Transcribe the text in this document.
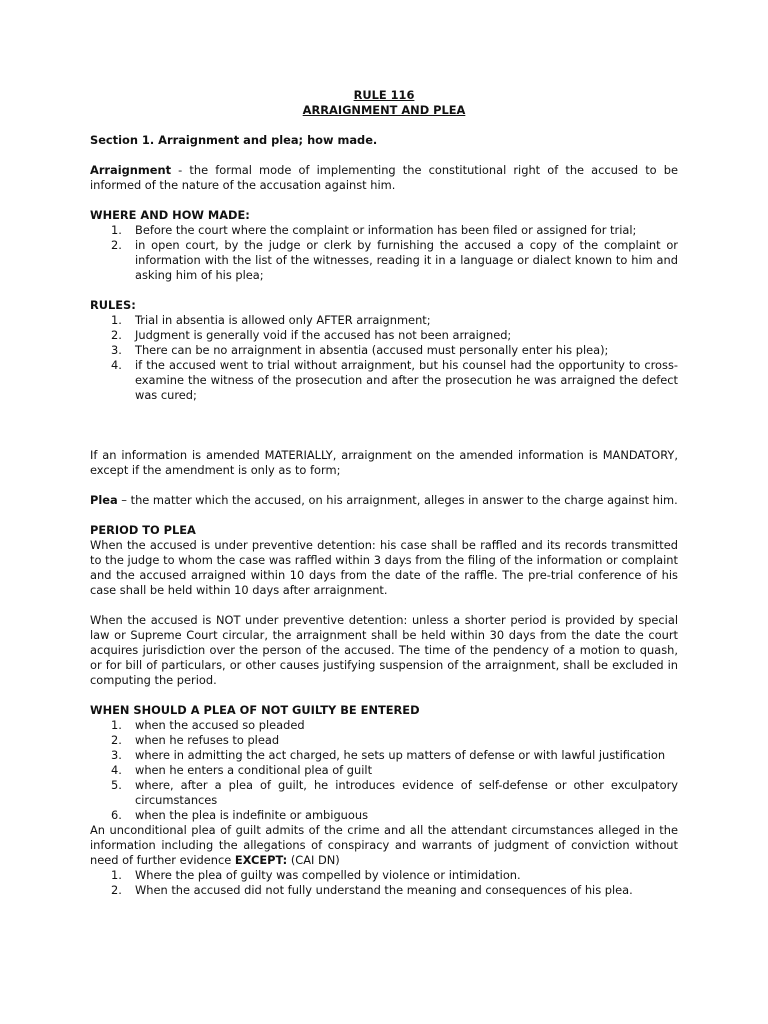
RULE 116

ARRAIGNMENT AND PLEA

Section 1. Arraignment and plea; how made.

Arraignment - the formal mode of implementing the constitutional right of the accused to be informed of the nature of the accusation against him.

WHERE AND HOW MADE:

1. Before the court where the complaint or information has been filed or assigned for trial;
2. in open court, by the judge or clerk by furnishing the accused a copy of the complaint or information with the list of the witnesses, reading it in a language or dialect known to him and asking him of his plea;

RULES:

1. Trial in absentia is allowed only AFTER arraignment;
2. Judgment is generally void if the accused has not been arraigned;
3. There can be no arraignment in absentia (accused must personally enter his plea);
4. if the accused went to trial without arraignment, but his counsel had the opportunity to cross-examine the witness of the prosecution and after the prosecution he was arraigned the defect was cured;

If an information is amended MATERIALLY, arraignment on the amended information is MANDATORY, except if the amendment is only as to form;

Plea – the matter which the accused, on his arraignment, alleges in answer to the charge against him.

PERIOD TO PLEA

When the accused is under preventive detention: his case shall be raffled and its records transmitted to the judge to whom the case was raffled within 3 days from the filing of the information or complaint and the accused arraigned within 10 days from the date of the raffle. The pre-trial conference of his case shall be held within 10 days after arraignment.

When the accused is NOT under preventive detention: unless a shorter period is provided by special law or Supreme Court circular, the arraignment shall be held within 30 days from the date the court acquires jurisdiction over the person of the accused. The time of the pendency of a motion to quash, or for bill of particulars, or other causes justifying suspension of the arraignment, shall be excluded in computing the period.

WHEN SHOULD A PLEA OF NOT GUILTY BE ENTERED

1. when the accused so pleaded
2. when he refuses to plead
3. where in admitting the act charged, he sets up matters of defense or with lawful justification
4. when he enters a conditional plea of guilt
5. where, after a plea of guilt, he introduces evidence of self-defense or other exculpatory circumstances
6. when the plea is indefinite or ambiguous

An unconditional plea of guilt admits of the crime and all the attendant circumstances alleged in the information including the allegations of conspiracy and warrants of judgment of conviction without need of further evidence EXCEPT: (CAI DN)

1. Where the plea of guilty was compelled by violence or intimidation.
2. When the accused did not fully understand the meaning and consequences of his plea.
